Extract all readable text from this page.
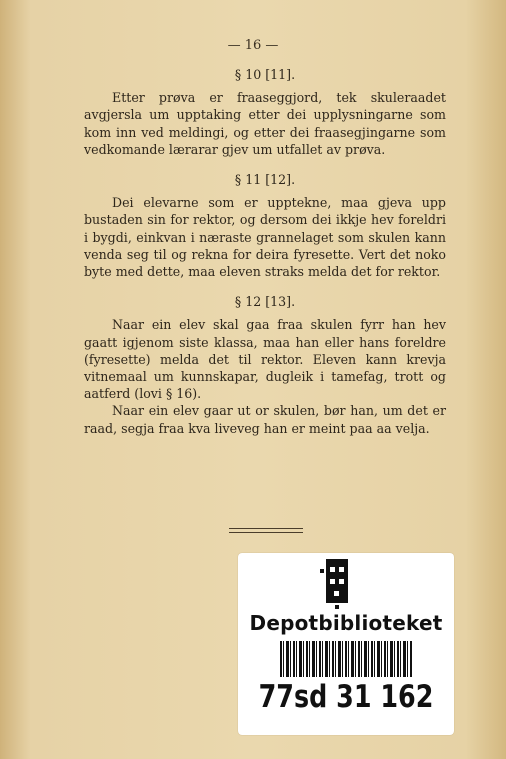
— 16 —

§ 10 [11].

Etter prøva er fraaseggjord, tek skuleraadet avgjersla um upptaking etter dei upplysningarne som kom inn ved meldingi, og etter dei fraasegjingarne som vedkomande lærarar gjev um utfallet av prøva.

§ 11 [12].

Dei elevarne som er upptekne, maa gjeva upp bustaden sin for rektor, og dersom dei ikkje hev foreldri i bygdi, einkvan i næraste grannelaget som skulen kann venda seg til og rekna for deira fyresette. Vert det noko byte med dette, maa eleven straks melda det for rektor.

§ 12 [13].

Naar ein elev skal gaa fraa skulen fyrr han hev gaatt igjenom siste klassa, maa han eller hans foreldre (fyresette) melda det til rektor. Eleven kann krevja vitnemaal um kunnskapar, dugleik i tamefag, trott og aatferd (lovi § 16).

Naar ein elev gaar ut or skulen, bør han, um det er raad, segja fraa kva liveveg han er meint paa aa velja.

Depotbiblioteket
77sd 31 162
